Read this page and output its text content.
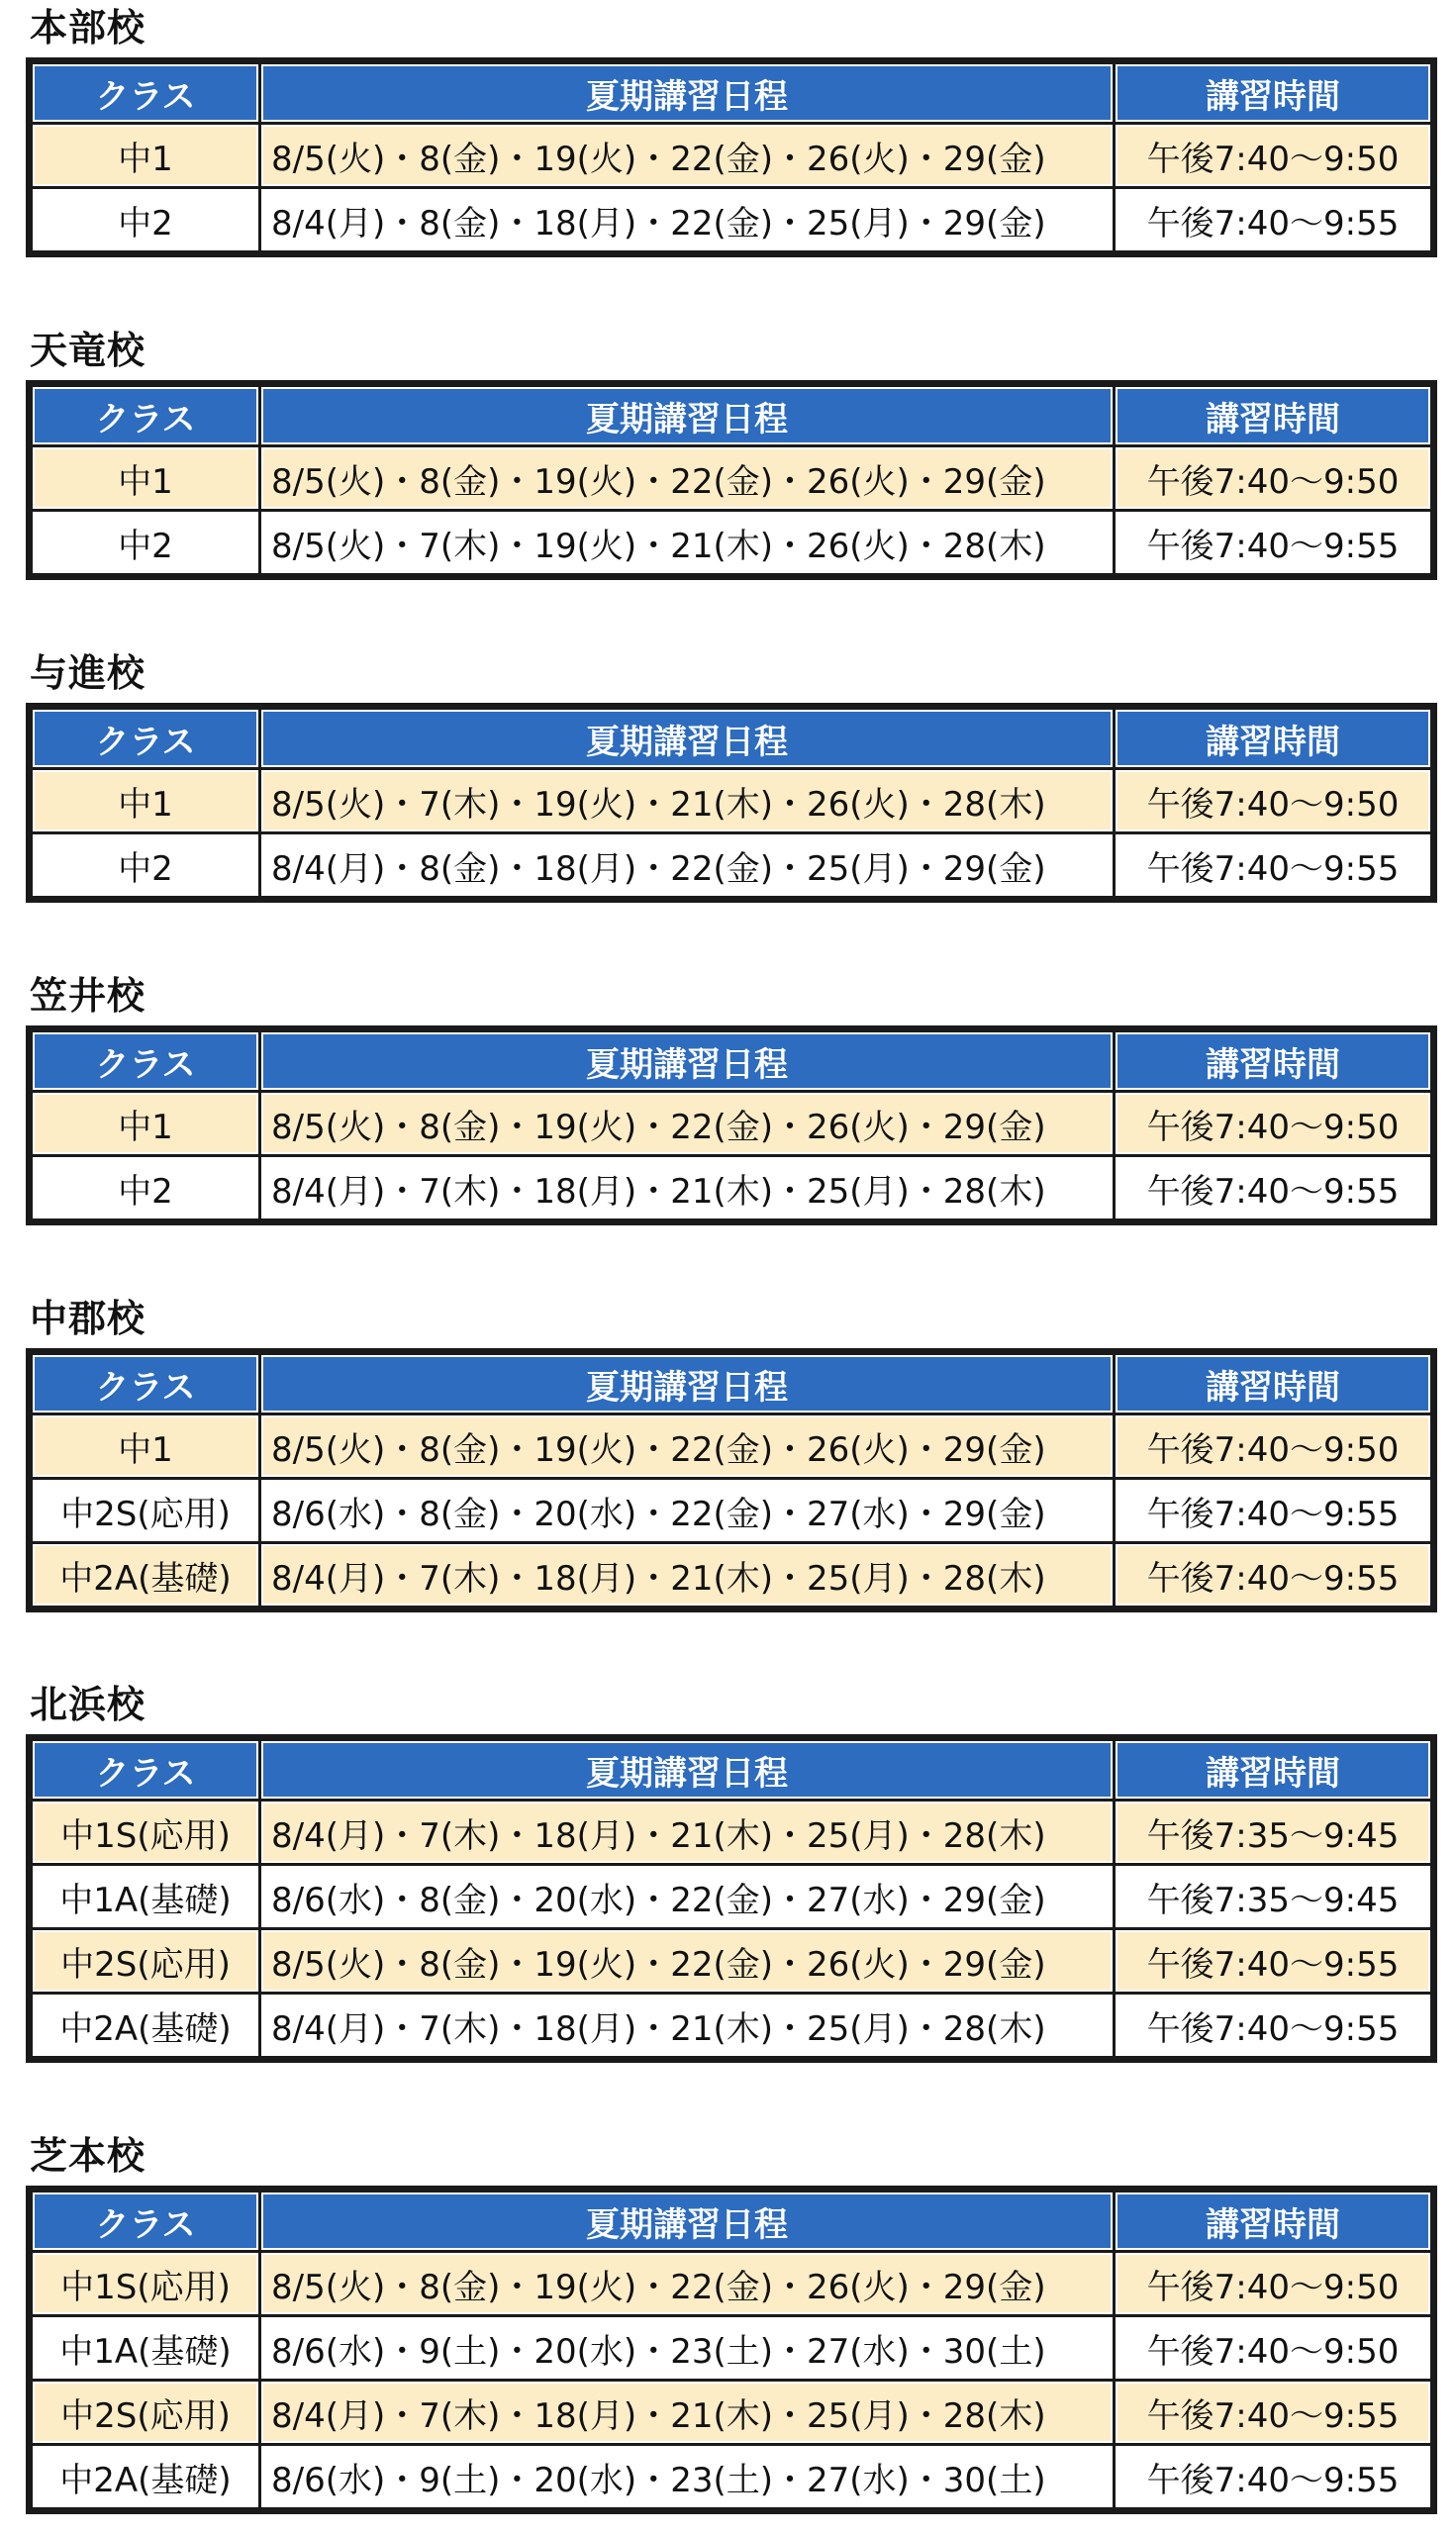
本部校
クラス	夏期講習日程	講習時間
中1	8/5(火)・8(金)・19(火)・22(金)・26(火)・29(金)	午後7:40〜9:50
中2	8/4(月)・8(金)・18(月)・22(金)・25(月)・29(金)	午後7:40〜9:55
天竜校
クラス	夏期講習日程	講習時間
中1	8/5(火)・8(金)・19(火)・22(金)・26(火)・29(金)	午後7:40〜9:50
中2	8/5(火)・7(木)・19(火)・21(木)・26(火)・28(木)	午後7:40〜9:55
与進校
クラス	夏期講習日程	講習時間
中1	8/5(火)・7(木)・19(火)・21(木)・26(火)・28(木)	午後7:40〜9:50
中2	8/4(月)・8(金)・18(月)・22(金)・25(月)・29(金)	午後7:40〜9:55
笠井校
クラス	夏期講習日程	講習時間
中1	8/5(火)・8(金)・19(火)・22(金)・26(火)・29(金)	午後7:40〜9:50
中2	8/4(月)・7(木)・18(月)・21(木)・25(月)・28(木)	午後7:40〜9:55
中郡校
クラス	夏期講習日程	講習時間
中1	8/5(火)・8(金)・19(火)・22(金)・26(火)・29(金)	午後7:40〜9:50
中2S(応用)	8/6(水)・8(金)・20(水)・22(金)・27(水)・29(金)	午後7:40〜9:55
中2A(基礎)	8/4(月)・7(木)・18(月)・21(木)・25(月)・28(木)	午後7:40〜9:55
北浜校
クラス	夏期講習日程	講習時間
中1S(応用)	8/4(月)・7(木)・18(月)・21(木)・25(月)・28(木)	午後7:35〜9:45
中1A(基礎)	8/6(水)・8(金)・20(水)・22(金)・27(水)・29(金)	午後7:35〜9:45
中2S(応用)	8/5(火)・8(金)・19(火)・22(金)・26(火)・29(金)	午後7:40〜9:55
中2A(基礎)	8/4(月)・7(木)・18(月)・21(木)・25(月)・28(木)	午後7:40〜9:55
芝本校
クラス	夏期講習日程	講習時間
中1S(応用)	8/5(火)・8(金)・19(火)・22(金)・26(火)・29(金)	午後7:40〜9:50
中1A(基礎)	8/6(水)・9(土)・20(水)・23(土)・27(水)・30(土)	午後7:40〜9:50
中2S(応用)	8/4(月)・7(木)・18(月)・21(木)・25(月)・28(木)	午後7:40〜9:55
中2A(基礎)	8/6(水)・9(土)・20(水)・23(土)・27(水)・30(土)	午後7:40〜9:55
